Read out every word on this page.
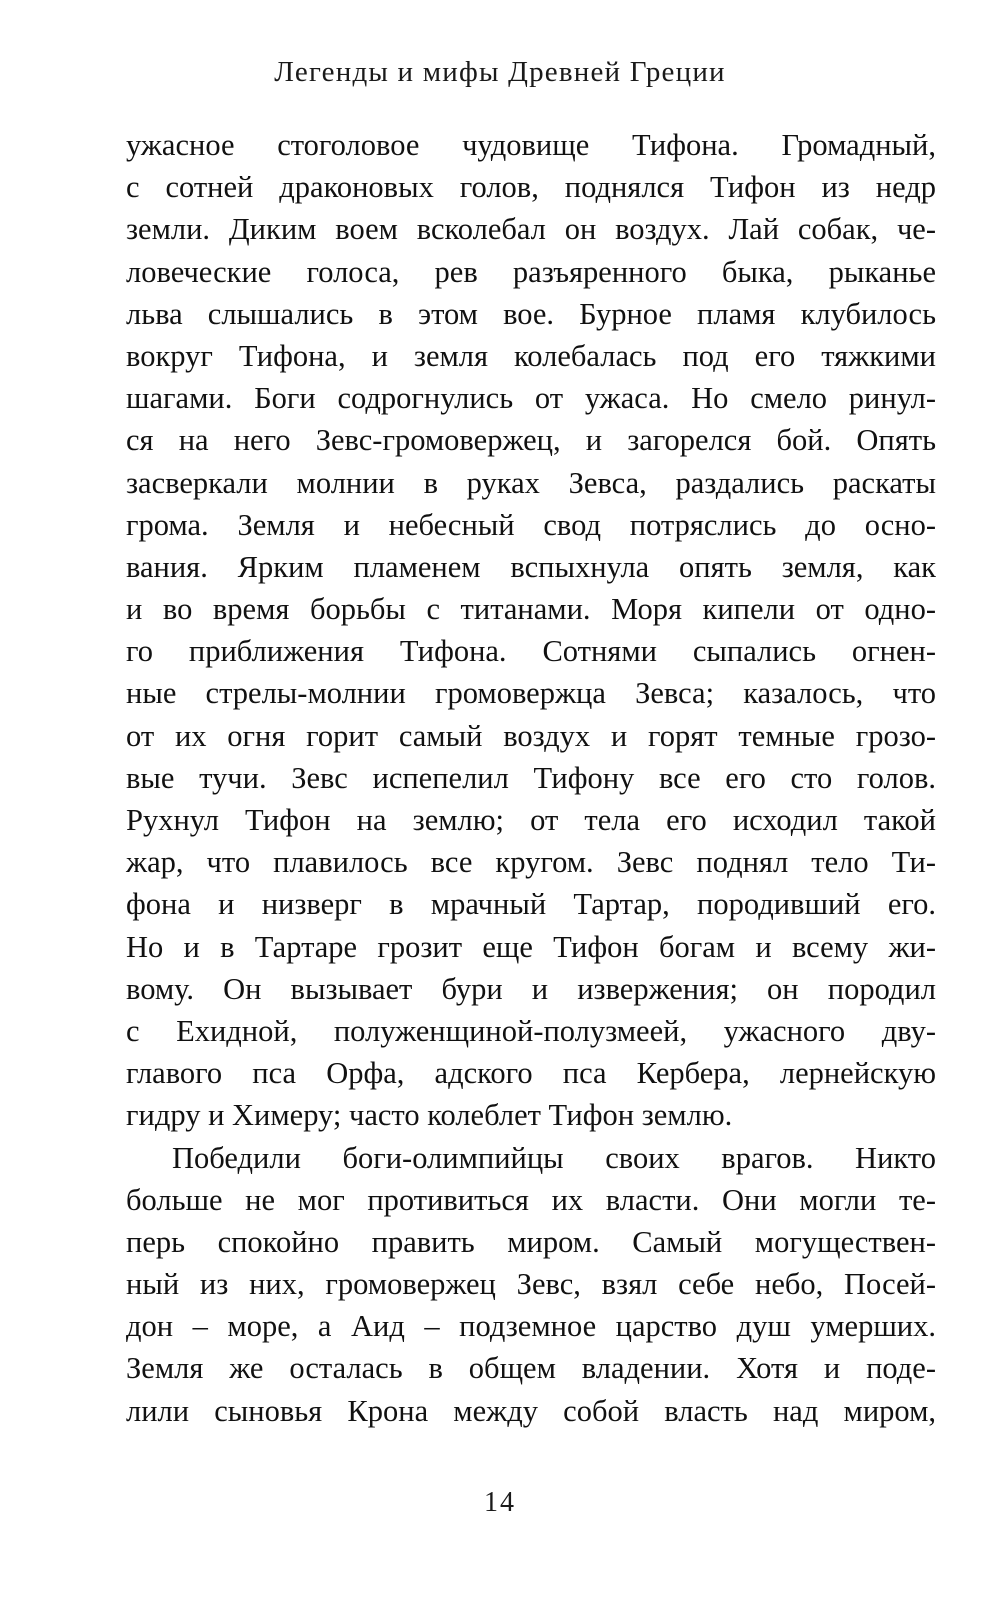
Легенды и мифы Древней Греции
ужасное стоголовое чудовище Тифона. Громадный,
с сотней драконовых голов, поднялся Тифон из недр
земли. Диким воем всколебал он воздух. Лай собак, че-
ловеческие голоса, рев разъяренного быка, рыканье
льва слышались в этом вое. Бурное пламя клубилось
вокруг Тифона, и земля колебалась под его тяжкими
шагами. Боги содрогнулись от ужаса. Но смело ринул-
ся на него Зевс-громовержец, и загорелся бой. Опять
засверкали молнии в руках Зевса, раздались раскаты
грома. Земля и небесный свод потряслись до осно-
вания. Ярким пламенем вспыхнула опять земля, как
и во время борьбы с титанами. Моря кипели от одно-
го приближения Тифона. Сотнями сыпались огнен-
ные стрелы-молнии громовержца Зевса; казалось, что
от их огня горит самый воздух и горят темные грозо-
вые тучи. Зевс испепелил Тифону все его сто голов.
Рухнул Тифон на землю; от тела его исходил такой
жар, что плавилось все кругом. Зевс поднял тело Ти-
фона и низверг в мрачный Тартар, породивший его.
Но и в Тартаре грозит еще Тифон богам и всему жи-
вому. Он вызывает бури и извержения; он породил
с Ехидной, полуженщиной-полузмеей, ужасного дву-
главого пса Орфа, адского пса Кербера, лернейскую
гидру и Химеру; часто колеблет Тифон землю.
Победили боги-олимпийцы своих врагов. Никто
больше не мог противиться их власти. Они могли те-
перь спокойно править миром. Самый могуществен-
ный из них, громовержец Зевс, взял себе небо, Посей-
дон – море, а Аид – подземное царство душ умерших.
Земля же осталась в общем владении. Хотя и поде-
лили сыновья Крона между собой власть над миром,
14
